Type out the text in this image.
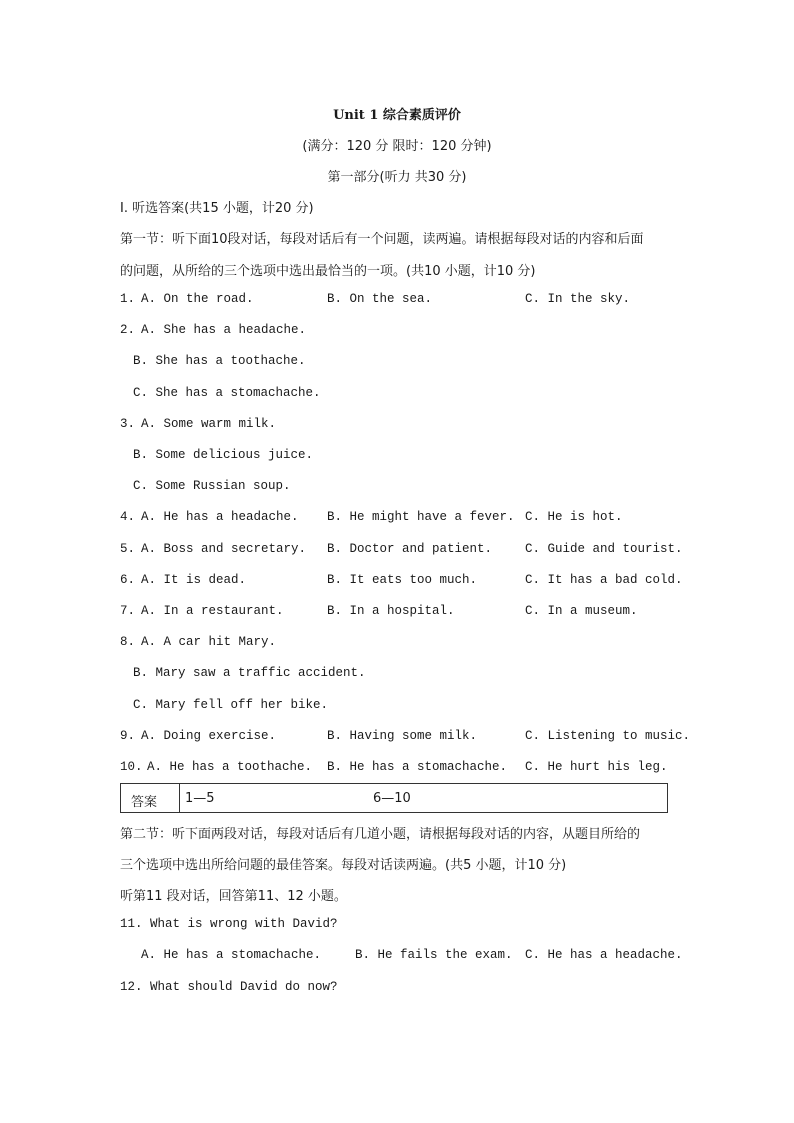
Unit 1 综合素质评价
(满分：120 分 限时：120 分钟)
第一部分(听力 共30 分)
I. 听选答案(共15 小题，计20 分)
第一节：听下面10段对话，每段对话后有一个问题，读两遍。请根据每段对话的内容和后面
的问题，从所给的三个选项中选出最恰当的一项。(共10 小题，计10 分)
1. A. On the road.	B. On the sea.	C. In the sky.
2. A. She has a headache.
B. She has a toothache.
C. She has a stomachache.
3. A. Some warm milk.
B. Some delicious juice.
C. Some Russian soup.
4. A. He has a headache. B. He might have a fever. C. He is hot.
5. A. Boss and secretary. B. Doctor and patient.	C. Guide and tourist.
6. A. It is dead.	B. It eats too much.	C. It has a bad cold.
7. A. In a restaurant.	B. In a hospital.	C. In a museum.
8. A. A car hit Mary.
B. Mary saw a traffic accident.
C. Mary fell off her bike.
9. A. Doing exercise.	B. Having some milk.	C. Listening to music.
10. A. He has a toothache. B. He has a stomachache. C. He hurt his leg.
答案 1—5	6—10
第二节：听下面两段对话，每段对话后有几道小题，请根据每段对话的内容，从题目所给的
三个选项中选出所给问题的最佳答案。每段对话读两遍。(共5 小题，计10 分)
听第11 段对话，回答第11、12 小题。
11. What is wrong with David?
A. He has a stomachache.	B. He fails the exam. C. He has a headache.
12. What should David do now?
